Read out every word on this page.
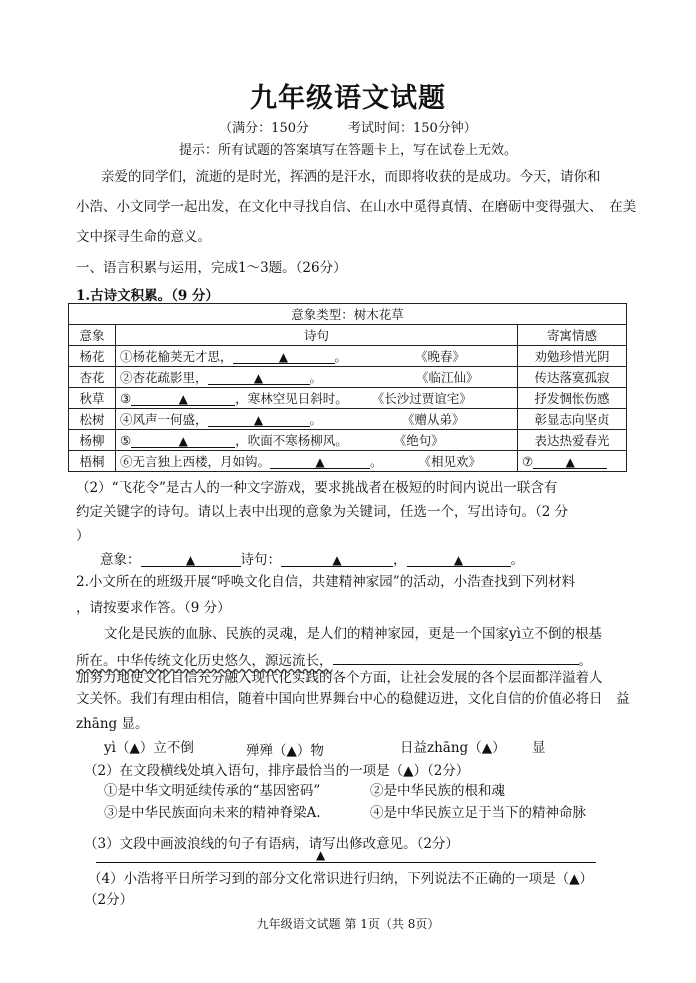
九年级语文试题
（满分：150分　　　考试时间：150分钟）
提示：所有试题的答案填写在答题卡上，写在试卷上无效。
亲爱的同学们，流逝的是时光，挥洒的是汗水，而即将收获的是成功。今天，请你和
小浩、小文同学一起出发，在文化中寻找自信、在山水中觅得真情、在磨砺中变得强大、　在美
文中探寻生命的意义。
一、语言积累与运用，完成1～3题。（26分）
1.古诗文积累。（9 分）
意象类型：树木花草		
意象	诗句	寄寓情感
杨花	①杨花榆荚无才思， ▲ 。 《晚春》	劝勉珍惜光阴
杏花	②杏花疏影里， ▲ 。 《临江仙》	传达落寞孤寂
秋草	③ ▲ ，寒林空见日斜时。 《长沙过贾谊宅》	抒发惆怅伤感
松树	④风声一何盛， ▲ 。 《赠从弟》	彰显志向坚贞
杨柳	⑤ ▲ ，吹面不寒杨柳风。 《绝句》	表达热爱春光
梧桐	⑥无言独上西楼，月如钩。 ▲ 。 《相见欢》	⑦ ▲
（2）“飞花令”是古人的一种文字游戏，要求挑战者在极短的时间内说出一联含有
约定关键字的诗句。请以上表中出现的意象为关键词，任选一个，写出诗句。（2 分
）
意象：	▲	诗句：	▲	，	▲	。
2.小文所在的班级开展“呼唤文化自信，共建精神家园”的活动，小浩查找到下列材料
，请按要求作答。（9 分）
文化是民族的血脉、民族的灵魂，是人们的精神家园，更是一个国家yì立不倒的根基
所在。中华传统文化历史悠久，源远流长，	。
加努力地使文化自信充分融入现代化实践的各个方面，让社会发展的各个层面都洋溢着人
文关怀。我们有理由相信，随着中国向世界舞台中心的稳健迈进，文化自信的价值必将日　益
zhāng 显。
yì（▲）立不倒	殚殚（▲）物	日益zhāng（▲） 显
（2）在文段横线处填入语句，排序最恰当的一项是（▲）（2分）
①是中华文明延续传承的“基因密码”	②是中华民族的根和魂
③是中华民族面向未来的精神脊梁A.	④是中华民族立足于当下的精神命脉
（3）文段中画波浪线的句子有语病，请写出修改意见。（2分）
▲
（4）小浩将平日所学习到的部分文化常识进行归纳，下列说法不正确的一项是（▲）
（2分）
九年级语文试题 第 1页（共 8页）
